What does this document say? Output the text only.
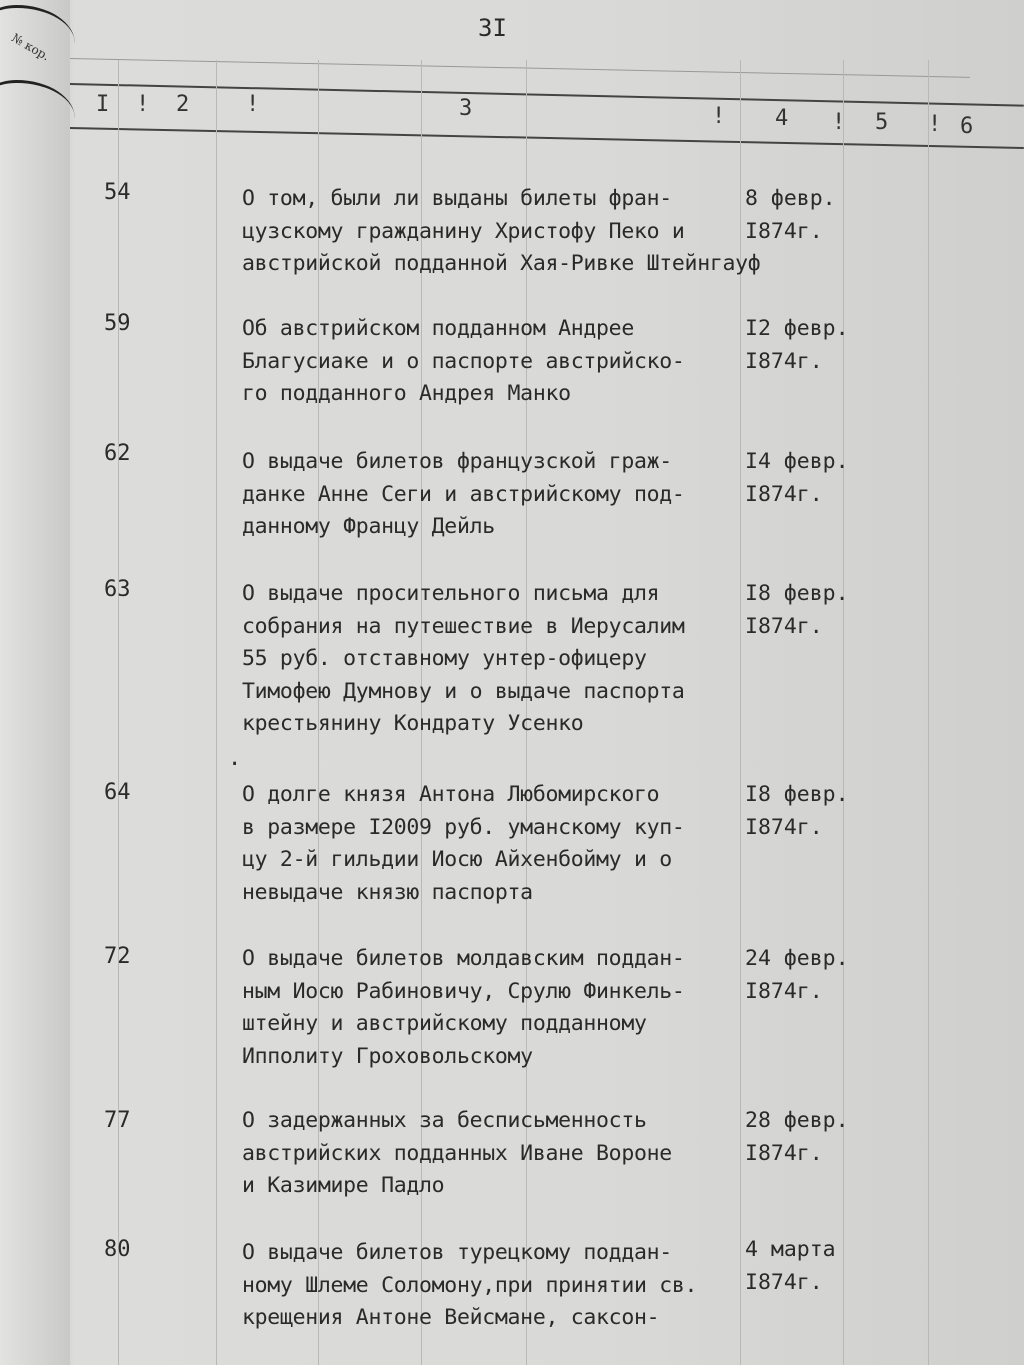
№ кор.
3I
I ! 2	!	3	! 4 ! 5 ! 6
54	О том, были ли выданы билеты фран-
цузскому гражданину Христофу Пеко и
австрийской подданной Хая-Ривке Штейнгауф
8 февр.
I874г.
59	Об австрийском подданном Андрее
Благусиаке и о паспорте австрийско-
го подданного Андрея Манко
I2 февр.
I874г.
62	О выдаче билетов французской граж-
данке Анне Сеги и австрийскому под-
данному Францу Дейль
I4 февр.
I874г.
63	О выдаче просительного письма для
собрания на путешествие в Иерусалим
55 руб. отставному унтер-офицеру
Тимофею Думнову и о выдаче паспорта
крестьянину Кондрату Усенко
I8 февр.
I874г.
·
64	О долге князя Антона Любомирского
в размере I2009 руб. уманскому куп-
цу 2-й гильдии Иосю Айхенбойму и о
невыдаче князю паспорта
I8 февр.
I874г.
72	О выдаче билетов молдавским поддан-
ным Иосю Рабиновичу, Срулю Финкель-
штейну и австрийскому подданному
Ипполиту Гроховольскому
24 февр.
I874г.
77	О задержанных за бесписьменность
австрийских подданных Иване Вороне
и Казимире Падло
28 февр.
I874г.
80	О выдаче билетов турецкому поддан-
ному Шлеме Соломону,при принятии св.
крещения Антоне Вейсмане, саксон-
4 марта
I874г.
